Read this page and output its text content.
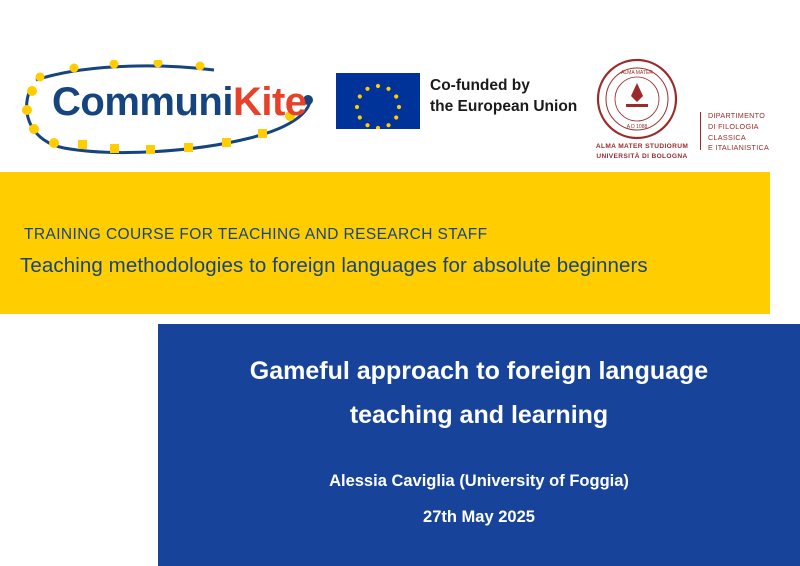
CommuniKite	Co-funded by
the European Union
ALMA MATER
A D 1088
ALMA MATER STUDIORUM
UNIVERSITÀ DI BOLOGNA
DIPARTIMENTO
DI FILOLOGIA CLASSICA
E ITALIANISTICA
TRAINING COURSE FOR TEACHING AND RESEARCH STAFF
Teaching methodologies to foreign languages for absolute beginners
Gameful approach to foreign language
teaching and learning
Alessia Caviglia (University of Foggia)
27th May 2025
